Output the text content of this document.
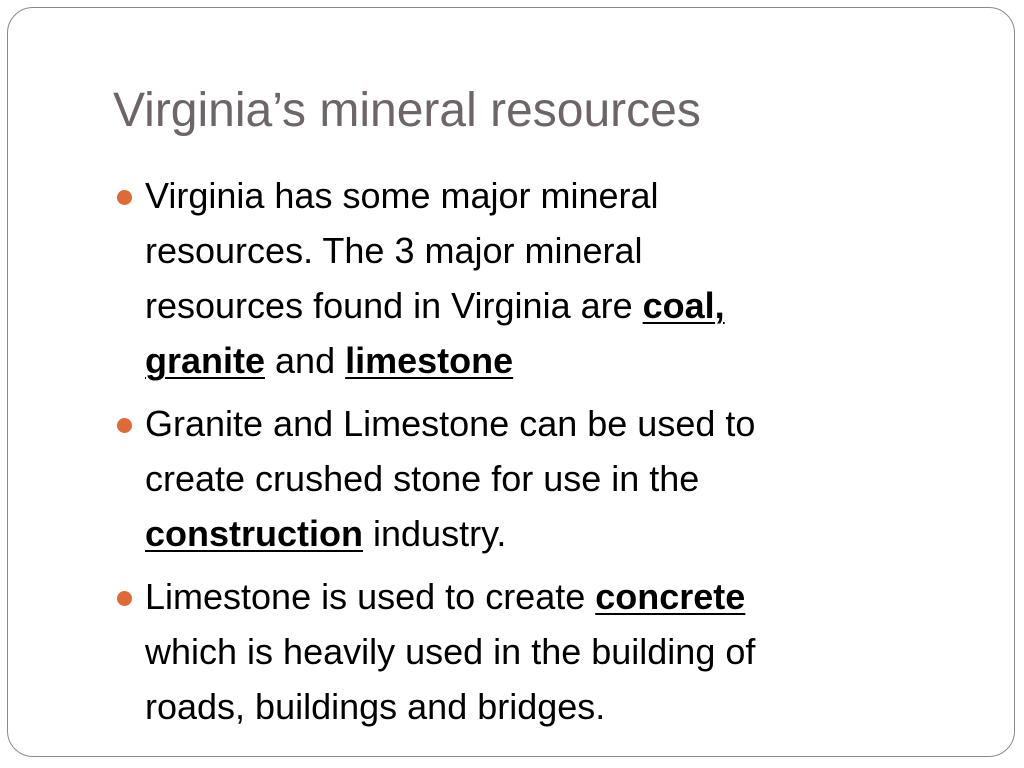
Virginia’s mineral resources
Virginia has some major mineral
resources. The 3 major mineral
resources found in Virginia are coal,
granite and limestone
Granite and Limestone can be used to
create crushed stone for use in the
construction industry.
Limestone is used to create concrete
which is heavily used in the building of
roads, buildings and bridges.
